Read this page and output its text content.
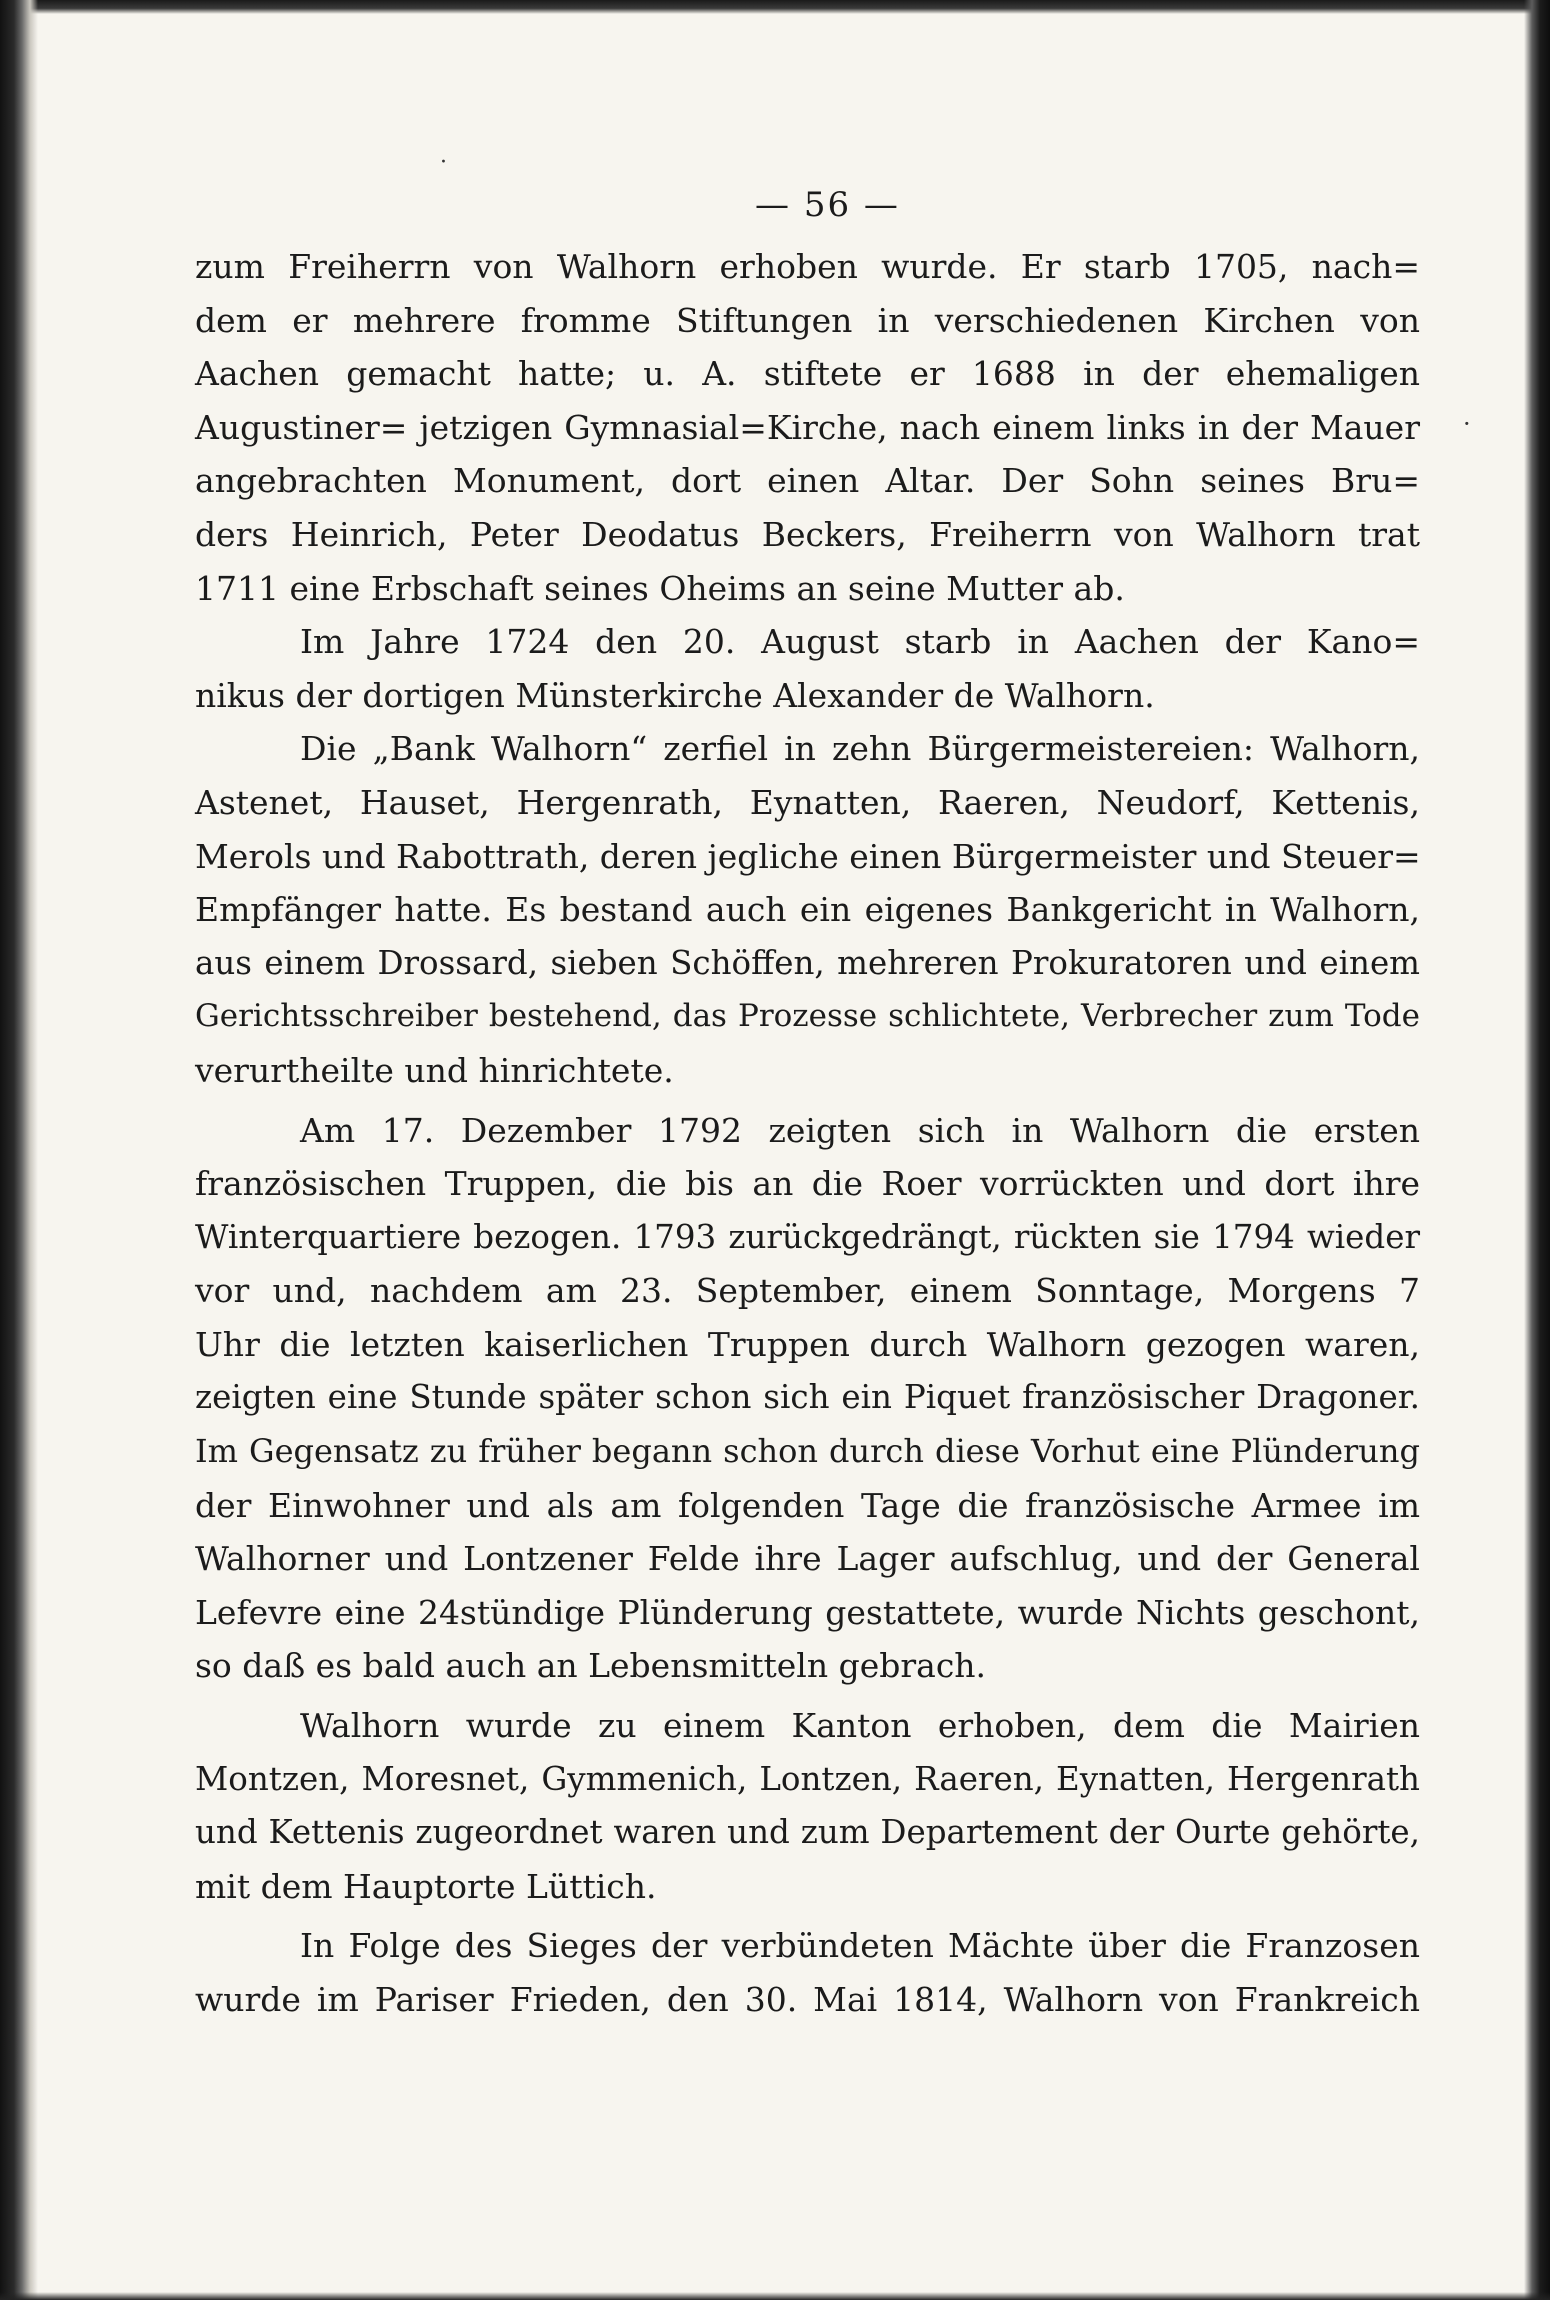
·
·
— 56 —
zum Freiherrn von Walhorn erhoben wurde. Er starb 1705, nach=
dem er mehrere fromme Stiftungen in verschiedenen Kirchen von
Aachen gemacht hatte; u. A. stiftete er 1688 in der ehemaligen
Augustiner= jetzigen Gymnasial=Kirche, nach einem links in der Mauer
angebrachten Monument, dort einen Altar. Der Sohn seines Bru=
ders Heinrich, Peter Deodatus Beckers, Freiherrn von Walhorn trat
1711 eine Erbschaft seines Oheims an seine Mutter ab.
Im Jahre 1724 den 20. August starb in Aachen der Kano=
nikus der dortigen Münsterkirche Alexander de Walhorn.
Die „Bank Walhorn“ zerfiel in zehn Bürgermeistereien: Walhorn,
Astenet, Hauset, Hergenrath, Eynatten, Raeren, Neudorf, Kettenis,
Merols und Rabottrath, deren jegliche einen Bürgermeister und Steuer=
Empfänger hatte. Es bestand auch ein eigenes Bankgericht in Walhorn,
aus einem Drossard, sieben Schöffen, mehreren Prokuratoren und einem
Gerichtsschreiber bestehend, das Prozesse schlichtete, Verbrecher zum Tode
verurtheilte und hinrichtete.
Am 17. Dezember 1792 zeigten sich in Walhorn die ersten
französischen Truppen, die bis an die Roer vorrückten und dort ihre
Winterquartiere bezogen. 1793 zurückgedrängt, rückten sie 1794 wieder
vor und, nachdem am 23. September, einem Sonntage, Morgens 7
Uhr die letzten kaiserlichen Truppen durch Walhorn gezogen waren,
zeigten eine Stunde später schon sich ein Piquet französischer Dragoner.
Im Gegensatz zu früher begann schon durch diese Vorhut eine Plünderung
der Einwohner und als am folgenden Tage die französische Armee im
Walhorner und Lontzener Felde ihre Lager aufschlug, und der General
Lefevre eine 24stündige Plünderung gestattete, wurde Nichts geschont,
so daß es bald auch an Lebensmitteln gebrach.
Walhorn wurde zu einem Kanton erhoben, dem die Mairien
Montzen, Moresnet, Gymmenich, Lontzen, Raeren, Eynatten, Hergenrath
und Kettenis zugeordnet waren und zum Departement der Ourte gehörte,
mit dem Hauptorte Lüttich.
In Folge des Sieges der verbündeten Mächte über die Franzosen
wurde im Pariser Frieden, den 30. Mai 1814, Walhorn von Frankreich
